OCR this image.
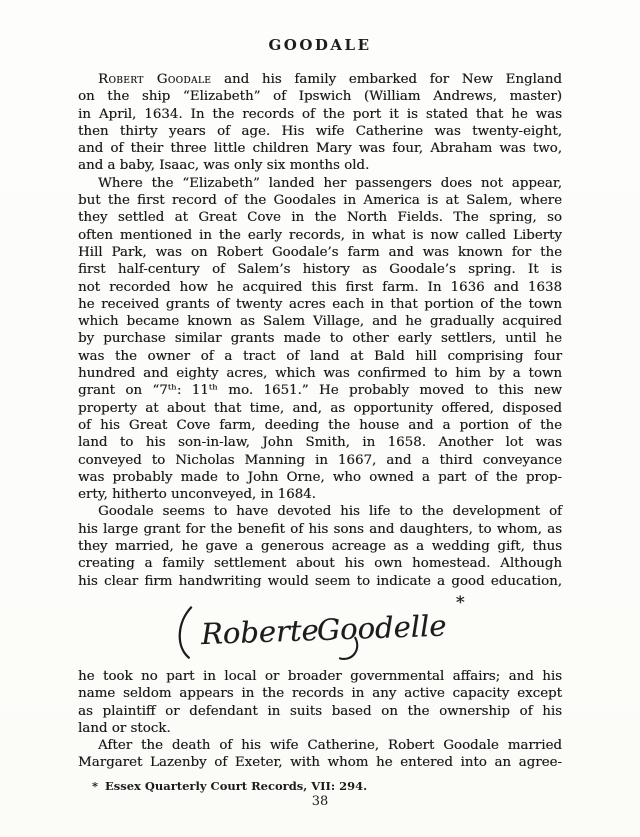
GOODALE
Robert Goodale and his family embarked for New England
on the ship “Elizabeth” of Ipswich (William Andrews, master)
in April, 1634. In the records of the port it is stated that he was
then thirty years of age. His wife Catherine was twenty-eight,
and of their three little children Mary was four, Abraham was two,
and a baby, Isaac, was only six months old.
Where the “Elizabeth” landed her passengers does not appear,
but the first record of the Goodales in America is at Salem, where
they settled at Great Cove in the North Fields. The spring, so
often mentioned in the early records, in what is now called Liberty
Hill Park, was on Robert Goodale’s farm and was known for the
first half-century of Salem’s history as Goodale’s spring. It is
not recorded how he acquired this first farm. In 1636 and 1638
he received grants of twenty acres each in that portion of the town
which became known as Salem Village, and he gradually acquired
by purchase similar grants made to other early settlers, until he
was the owner of a tract of land at Bald hill comprising four
hundred and eighty acres, which was confirmed to him by a town
grant on “7ᵗʰ: 11ᵗʰ mo. 1651.” He probably moved to this new
property at about that time, and, as opportunity offered, disposed
of his Great Cove farm, deeding the house and a portion of the
land to his son-in-law, John Smith, in 1658. Another lot was
conveyed to Nicholas Manning in 1667, and a third conveyance
was probably made to John Orne, who owned a part of the prop-
erty, hitherto unconveyed, in 1684.
Goodale seems to have devoted his life to the development of
his large grant for the benefit of his sons and daughters, to whom, as
they married, he gave a generous acreage as a wedding gift, thus
creating a family settlement about his own homestead. Although
his clear firm handwriting would seem to indicate a good education,
Roberte
Goodelle
*
he took no part in local or broader governmental affairs; and his
name seldom appears in the records in any active capacity except
as plaintiff or defendant in suits based on the ownership of his
land or stock.
After the death of his wife Catherine, Robert Goodale married
Margaret Lazenby of Exeter, with whom he entered into an agree-
* Essex Quarterly Court Records, VII: 294.
38
